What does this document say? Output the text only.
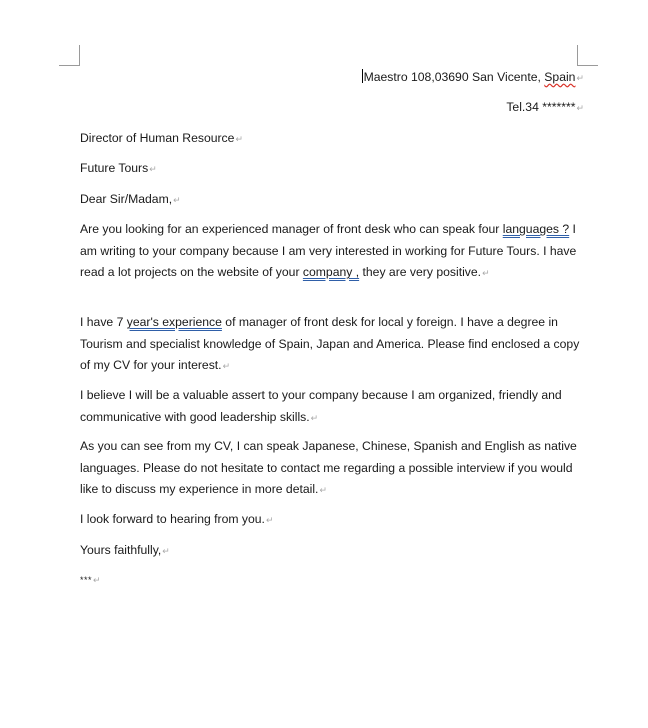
Maestro 108,03690 San Vicente, Spain↵
Tel.34 *******↵
Director of Human Resource↵
Future Tours↵
Dear Sir/Madam,↵
Are you looking for an experienced manager of front desk who can speak four languages ? I am writing to your company because I am very interested in working for Future Tours. I have read a lot projects on the website of your company , they are very positive.↵
I have 7 year's experience of manager of front desk for local y foreign. I have a degree in Tourism and specialist knowledge of Spain, Japan and America. Please find enclosed a copy of my CV for your interest.↵
I believe I will be a valuable assert to your company because I am organized, friendly and communicative with good leadership skills.↵
As you can see from my CV, I can speak Japanese, Chinese, Spanish and English as native languages. Please do not hesitate to contact me regarding a possible interview if you would like to discuss my experience in more detail.↵
I look forward to hearing from you.↵
Yours faithfully,↵
***↵
